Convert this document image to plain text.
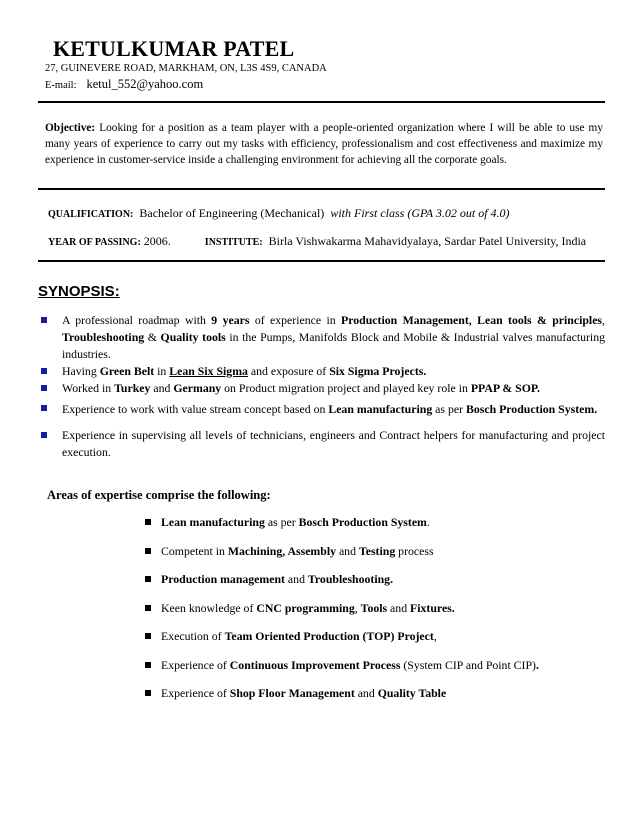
KETULKUMAR PATEL
27, GUINEVERE ROAD, MARKHAM, ON, L3S 4S9, CANADA
E-mail: ketul_552@yahoo.com
Objective: Looking for a position as a team player with a people-oriented organization where I will be able to use my many years of experience to carry out my tasks with efficiency, professionalism and cost effectiveness and maximize my experience in customer-service inside a challenging environment for achieving all the corporate goals.
QUALIFICATION: Bachelor of Engineering (Mechanical) with First class (GPA 3.02 out of 4.0)
YEAR OF PASSING: 2006.	INSTITUTE: Birla Vishwakarma Mahavidyalaya, Sardar Patel University, India
SYNOPSIS:
A professional roadmap with 9 years of experience in Production Management, Lean tools & principles, Troubleshooting & Quality tools in the Pumps, Manifolds Block and Mobile & Industrial valves manufacturing industries.
Having Green Belt in Lean Six Sigma and exposure of Six Sigma Projects.
Worked in Turkey and Germany on Product migration project and played key role in PPAP & SOP.
Experience to work with value stream concept based on Lean manufacturing as per Bosch Production System.
Experience in supervising all levels of technicians, engineers and Contract helpers for manufacturing and project execution.
Areas of expertise comprise the following:
Lean manufacturing as per Bosch Production System.
Competent in Machining, Assembly and Testing process
Production management and Troubleshooting.
Keen knowledge of CNC programming, Tools and Fixtures.
Execution of Team Oriented Production (TOP) Project,
Experience of Continuous Improvement Process (System CIP and Point CIP).
Experience of Shop Floor Management and Quality Table
